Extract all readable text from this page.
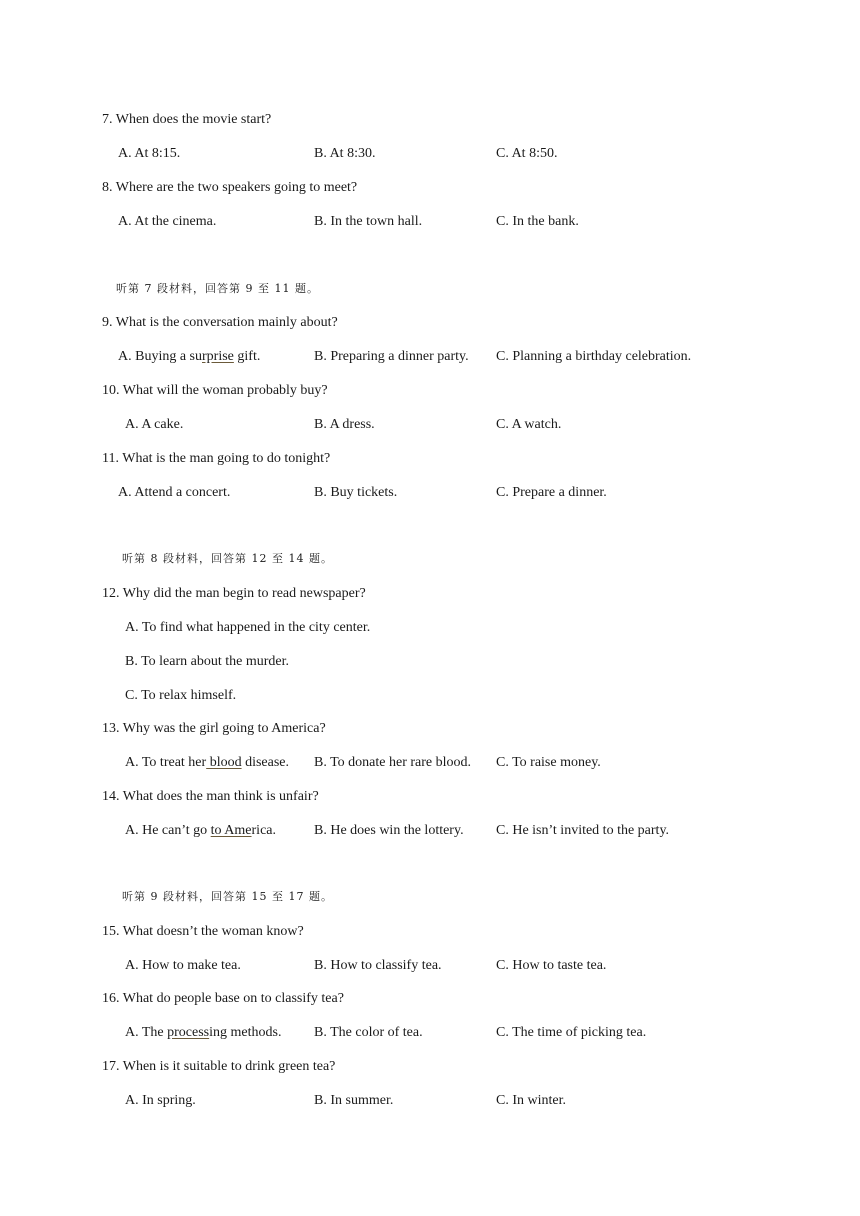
7. When does the movie start?
A. At 8:15.	B. At 8:30.	C. At 8:50.
8. Where are the two speakers going to meet?
A. At the cinema.	B. In the town hall.	C. In the bank.
听第 7 段材料，回答第 9 至 11 题。
9. What is the conversation mainly about?
A. Buying a surprise gift.	B. Preparing a dinner party. C. Planning a birthday celebration.
10. What will the woman probably buy?
A. A cake.	B. A dress.	C. A watch.
11. What is the man going to do tonight?
A. Attend a concert.	B. Buy tickets.	C. Prepare a dinner.
听第 8 段材料，回答第 12 至 14 题。
12. Why did the man begin to read newspaper?
A. To find what happened in the city center.
B. To learn about the murder.
C. To relax himself.
13. Why was the girl going to America?
A. To treat her blood disease. B. To donate her rare blood. C. To raise money.
14. What does the man think is unfair?
A. He can’t go to America.	B. He does win the lottery. C. He isn’t invited to the party.
听第 9 段材料，回答第 15 至 17 题。
15. What doesn’t the woman know?
A. How to make tea.	B. How to classify tea.	C. How to taste tea.
16. What do people base on to classify tea?
A. The processing methods. B. The color of tea.	C. The time of picking tea.
17. When is it suitable to drink green tea?
A. In spring.	B. In summer.	C. In winter.
